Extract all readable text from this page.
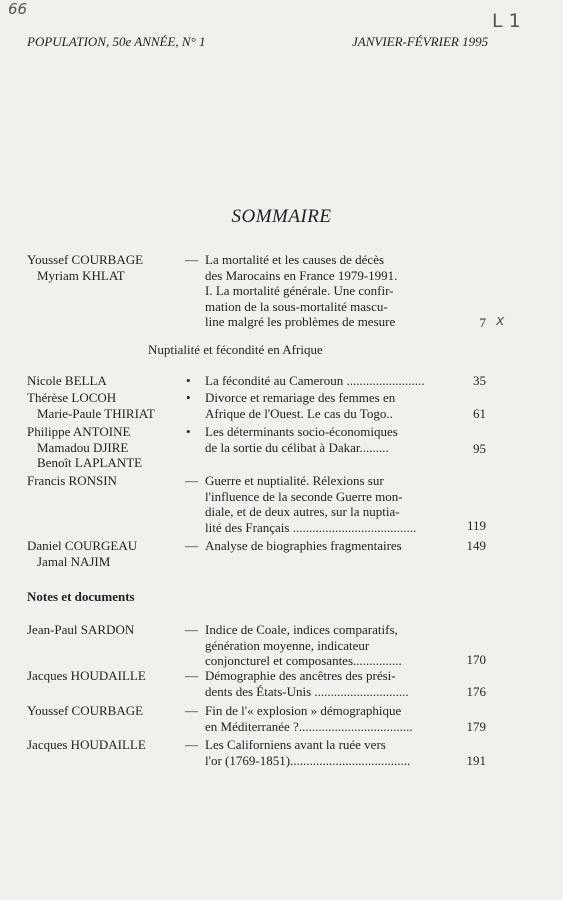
66
L 1
POPULATION, 50e ANNÉE, N° 1	JANVIER-FÉVRIER 1995
SOMMAIRE
Youssef COURBAGE
Myriam KHLAT
— La mortalité et les causes de décès
des Marocains en France 1979-1991.
I. La mortalité générale. Une confir-
mation de la sous-mortalité mascu-
line malgré les problèmes de mesure	7 x
Nuptialité et fécondité en Afrique
Nicole BELLA	• La fécondité au Cameroun ........................	35
Thérèse LOCOH
Marie-Paule THIRIAT
• Divorce et remariage des femmes en
Afrique de l'Ouest. Le cas du Togo..	61
Philippe ANTOINE
Mamadou DJIRE
Benoît LAPLANTE
• Les déterminants socio-économiques
de la sortie du célibat à Dakar.........	95
Francis RONSIN	— Guerre et nuptialité. Rélexions sur
l'influence de la seconde Guerre mon-
diale, et de deux autres, sur la nuptia-
lité des Français ......................................	119
Daniel COURGEAU
Jamal NAJIM
— Analyse de biographies fragmentaires	149
Notes et documents
Jean-Paul SARDON	— Indice de Coale, indices comparatifs,
génération moyenne, indicateur
conjoncturel et composantes...............	170
Jacques HOUDAILLE	— Démographie des ancêtres des prési-
dents des États-Unis .............................	176
Youssef COURBAGE	— Fin de l'« explosion » démographique
en Méditerranée ?...................................	179
Jacques HOUDAILLE	— Les Californiens avant la ruée vers
l'or (1769-1851).....................................	191
